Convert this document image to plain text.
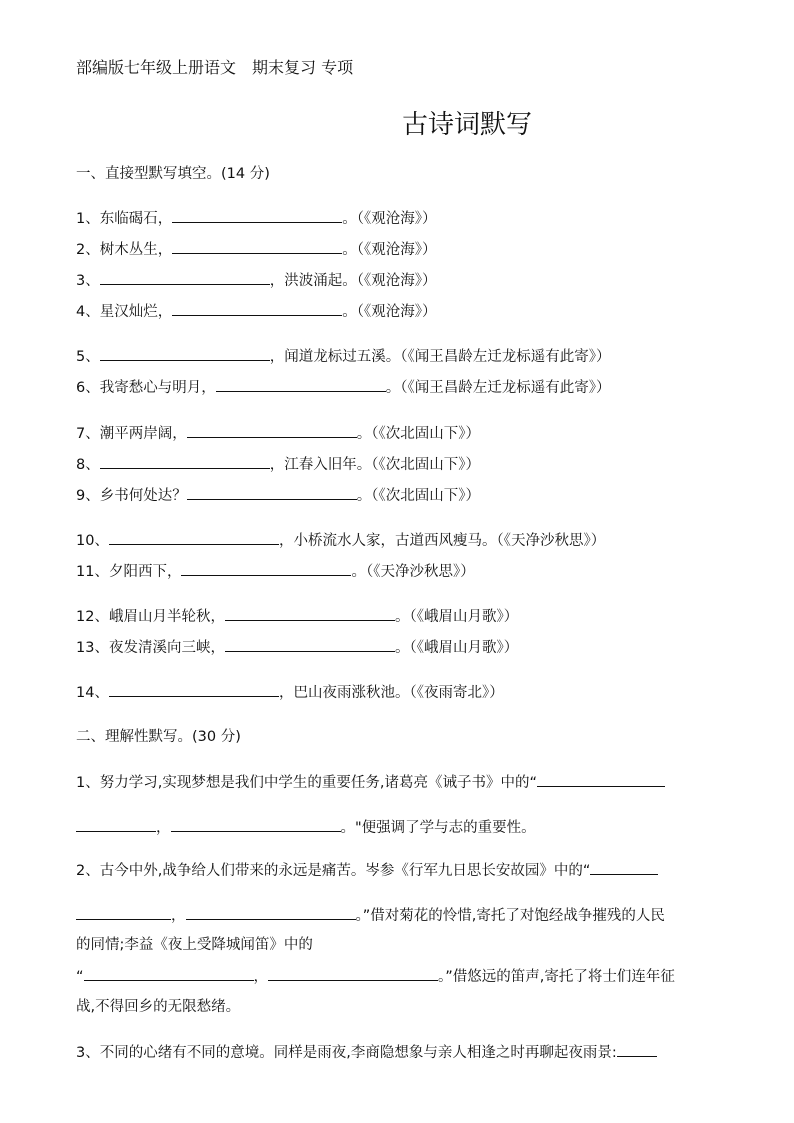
部编版七年级上册语文　期末复习 专项
古诗词默写
一、直接型默写填空。(14 分)
1、东临碣石，	。（《观沧海》）
2、树木丛生，	。（《观沧海》）
3、	，洪波涌起。（《观沧海》）
4、星汉灿烂，	。（《观沧海》）
5、	，闻道龙标过五溪。（《闻王昌龄左迁龙标遥有此寄》）
6、我寄愁心与明月，	。（《闻王昌龄左迁龙标遥有此寄》）
7、潮平两岸阔，	。（《次北固山下》）
8、	，江春入旧年。（《次北固山下》）
9、乡书何处达？	。（《次北固山下》）
10、	，小桥流水人家，古道西风瘦马。（《天净沙秋思》）
11、夕阳西下，	。（《天净沙秋思》）
12、峨眉山月半轮秋，	。（《峨眉山月歌》）
13、夜发清溪向三峡，	。（《峨眉山月歌》）
14、	，巴山夜雨涨秋池。（《夜雨寄北》）
二、理解性默写。(30 分)
1、努力学习,实现梦想是我们中学生的重要任务,诸葛亮《诫子书》中的“
，	。"便强调了学与志的重要性。
2、古今中外,战争给人们带来的永远是痛苦。岑参《行军九日思长安故园》中的“
，	。”借对菊花的怜惜,寄托了对饱经战争摧残的人民
的同情;李益《夜上受降城闻笛》中的
“	，	。”借悠远的笛声,寄托了将士们连年征
战,不得回乡的无限愁绪。
3、不同的心绪有不同的意境。同样是雨夜,李商隐想象与亲人相逢之时再聊起夜雨景:
